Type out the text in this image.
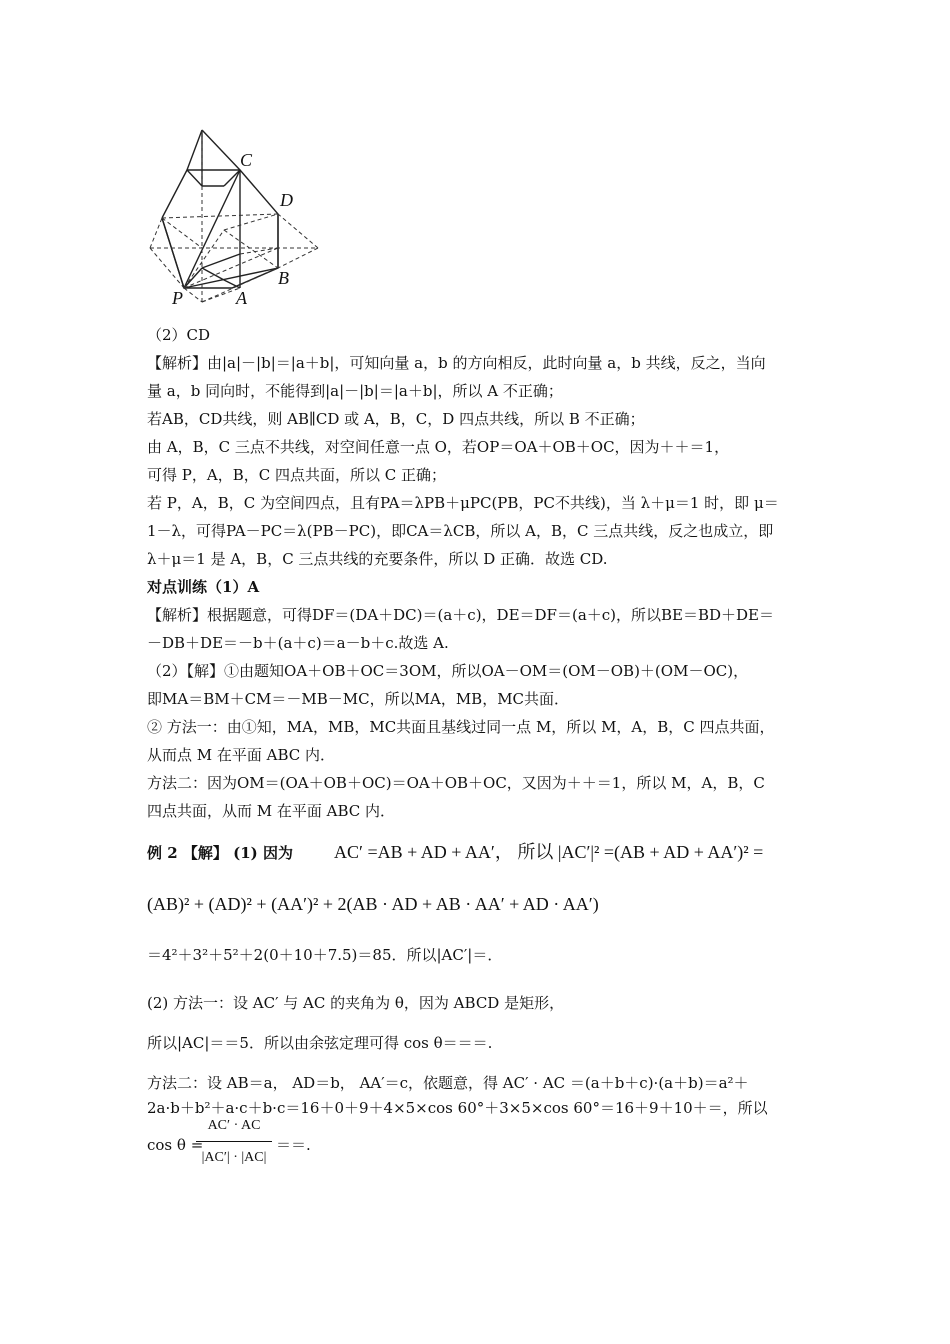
C
D
B
P	A
（2）CD
【解析】由|a|－|b|＝|a＋b|，可知向量 a，b 的方向相反，此时向量 a，b 共线，反之，当向
量 a，b 同向时，不能得到|a|－|b|＝|a＋b|，所以 A 不正确；
若AB，CD共线，则 AB∥CD 或 A，B，C，D 四点共线，所以 B 不正确；
由 A，B，C 三点不共线，对空间任意一点 O，若OP＝OA＋OB＋OC，因为＋＋＝1，
可得 P，A，B，C 四点共面，所以 C 正确；
若 P，A，B，C 为空间四点，且有PA＝λPB＋μPC(PB，PC不共线)，当 λ＋μ＝1 时，即 μ＝
1－λ，可得PA－PC＝λ(PB－PC)，即CA＝λCB，所以 A，B，C 三点共线，反之也成立，即
λ＋μ＝1 是 A，B，C 三点共线的充要条件，所以 D 正确．故选 CD.
对点训练（1）A
【解析】根据题意，可得DF＝(DA＋DC)＝(a＋c)，DE＝DF＝(a＋c)，所以BE＝BD＋DE＝
－DB＋DE＝－b＋(a＋c)＝a－b＋c.故选 A.
（2）【解】①由题知OA＋OB＋OC＝3OM，所以OA－OM＝(OM－OB)＋(OM－OC)，
即MA＝BM＋CM＝－MB－MC，所以MA，MB，MC共面．
② 方法一：由①知，MA，MB，MC共面且基线过同一点 M，所以 M，A，B，C 四点共面，
从而点 M 在平面 ABC 内．
方法二：因为OM＝(OA＋OB＋OC)＝OA＋OB＋OC，又因为＋＋＝1，所以 M，A，B，C
四点共面，从而 M 在平面 ABC 内．
例 2 【解】 (1) 因为 AC′ =AB + AD + AA′， 所以 |AC′|² =(AB + AD + AA′)² =
(AB)² + (AD)² + (AA′)² + 2(AB · AD + AB · AA′ + AD · AA′)
＝4²＋3²＋5²＋2(0＋10＋7.5)＝85．所以|AC′|＝．
(2) 方法一：设 AC′ 与 AC 的夹角为 θ，因为 ABCD 是矩形，
所以|AC|＝＝5．所以由余弦定理可得 cos θ＝＝＝.
方法二：设 AB＝a， AD＝b， AA′＝c，依题意，得 AC′ · AC ＝(a＋b＋c)·(a＋b)＝a²＋
2a·b＋b²＋a·c＋b·c＝16＋0＋9＋4×5×cos 60°＋3×5×cos 60°＝16＋9＋10＋＝，所以
cos θ =
AC′ · AC
|AC′| · |AC|
＝＝.
